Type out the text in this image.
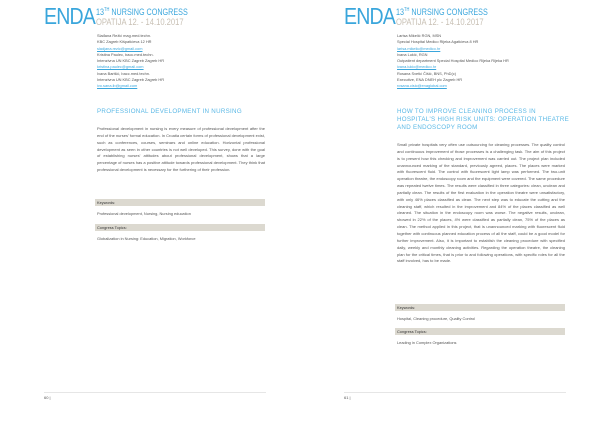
ENDA 13TH NURSING CONGRESS
OPATIJA 12. - 14.10.2017
Slađana Režić mag.med.techn.
KBC Zagreb Kišpatićeva 12 HR
sladjana.rezic@gmail.com
Kristina Paulec, bacc.med.techn.
Intenzivna UN KBC Zagreb Zagreb HR
kristina.paulec@gmail.com
Ivana Barišić, bacc.med.techn.
Intenzivna UN KBC Zagreb Zagreb HR
ivo.sana.ib@gmail.com
PROFESSIONAL DEVELOPMENT IN NURSING
Professional development in nursing is every measure of professional development after the end of the nurses' formal education. In Croatia certain forms of professional development exist, such as conferences, courses, seminars and online education. Horizontal professional development as seen in other countries is not well developed. This survey, done with the goal of establishing nurses' attitudes about professional development, shows that a large percentage of nurses has a positive attitude towards professional development. They think that professional development is necessary for the furthering of their profession.
Keywords:
Professional development, Nursing, Nursing education
Congress Topics:
Globalization in Nursing: Education, Migration, Workforce
60 |
ENDA 13TH NURSING CONGRESS
OPATIJA 12. - 14.10.2017
Larisa Mikelić RGN, MSN
Special Hospital Medico Rijeka Agatićeva 8 HR
larisa.mikelic@medico.hr
Ivana Lukić, RGN
Outpatient department Special Hospital Medico Rijeka Rijeka HR
ivana.lukic@medico.hr
Rosana Svetić Čišić, BNS, PhD(c)
Executive, ENA DNEH plc Zagreb HR
rosana.cisic@enaglobal.com
HOW TO IMPROVE CLEANING PROCESS IN HOSPITAL'S HIGH RISK UNITS: OPERATION THEATRE AND ENDOSCOPY ROOM
Small private hospitals very often use outsourcing for cleaning processes. The quality control and continuous improvement of those processes is a challenging task. The aim of this project is to present how this checking and improvement was carried out. The project plan included unannounced marking of the standard, previously agreed, places. The places were marked with fluorescent fluid. The control with fluorescent light lamp was performed. The two-unit operation theatre, the endoscopy room and the equipment were covered. The same procedure was repeated twelve times. The results were classified in three categories: clean, unclean and partially clean. The results of the first evaluation in the operation theatre were unsatisfactory, with only 46% places classified as clean. The next step was to educate the cutting and the cleaning staff, which resulted in the improvement and 84% of the places classified as well cleaned. The situation in the endoscopy room was worse. The negative results, unclean, showed in 22% of the places, 4% were classified as partially clean, 75% of the places as clean. The method applied in this project, that is unannounced marking with fluorescent fluid together with continuous planned education process of all the staff, could be a good model for further improvement. Also, it is important to establish the cleaning procedure with specified daily, weekly and monthly cleaning activities. Regarding the operation theatre, the cleaning plan for the critical times, that is prior to and following operations, with specific roles for all the staff involved, has to be made.
Keywords:
Hospital, Cleaning procedure, Quality Control
Congress Topics:
Leading in Complex Organizations
61 |
